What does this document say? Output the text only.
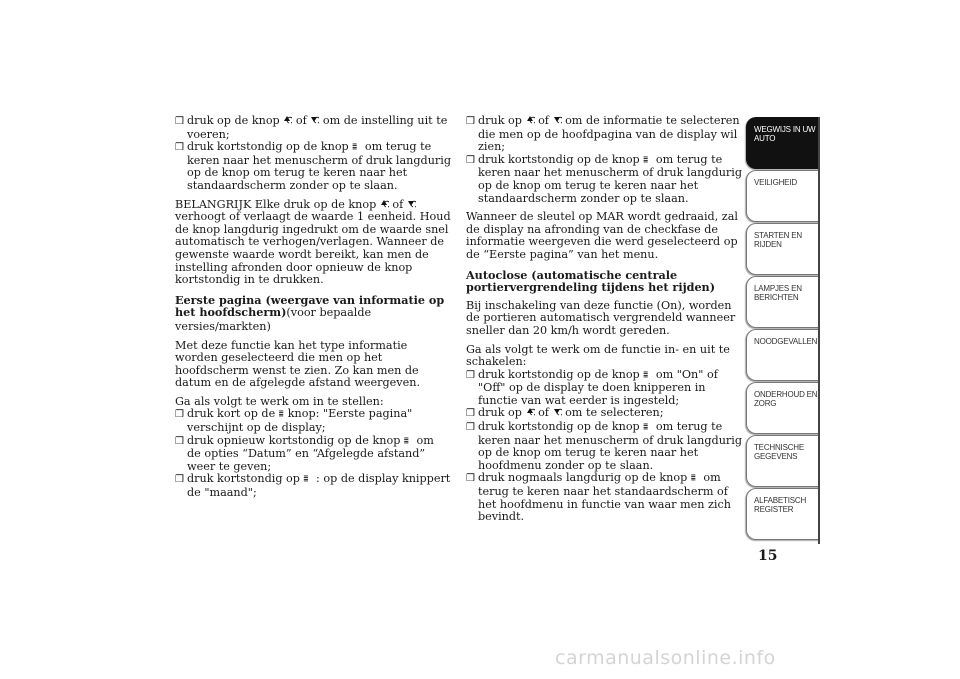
❒ druk op de knop  of  om de instelling uit te voeren;

❒ druk kortstondig op de knop ≣ om terug te keren naar het menuscherm of druk langdurig op de knop om terug te keren naar het standaardscherm zonder op te slaan.

BELANGRIJK Elke druk op de knop  of  verhoogt of verlaagt de waarde 1 eenheid. Houd de knop langdurig ingedrukt om de waarde snel automatisch te verhogen/verlagen. Wanneer de gewenste waarde wordt bereikt, kan men de instelling afronden door opnieuw de knop kortstondig in te drukken.

Eerste pagina (weergave van informatie op het hoofdscherm)(voor bepaalde versies/markten)

Met deze functie kan het type informatie worden geselecteerd die men op het hoofdscherm wenst te zien. Zo kan men de datum en de afgelegde afstand weergeven.

Ga als volgt te werk om in te stellen:

❒ druk kort op de ≣ knop: "Eerste pagina" verschijnt op de display;

❒ druk opnieuw kortstondig op de knop ≣ om de opties “Datum” en “Afgelegde afstand” weer te geven;

❒ druk kortstondig op ≣ : op de display knippert de "maand";

❒ druk op  of  om de informatie te selecteren die men op de hoofdpagina van de display wil zien;

❒ druk kortstondig op de knop ≣ om terug te keren naar het menuscherm of druk langdurig op de knop om terug te keren naar het standaardscherm zonder op te slaan.

Wanneer de sleutel op MAR wordt gedraaid, zal de display na afronding van de checkfase de informatie weergeven die werd geselecteerd op de “Eerste pagina” van het menu.

Autoclose (automatische centrale portiervergrendeling tijdens het rijden)

Bij inschakeling van deze functie (On), worden de portieren automatisch vergrendeld wanneer sneller dan 20 km/h wordt gereden.

Ga als volgt te werk om de functie in- en uit te schakelen:

❒ druk kortstondig op de knop ≣ om "On" of "Off" op de display te doen knipperen in functie van wat eerder is ingesteld;

❒ druk op  of  om te selecteren;

❒ druk kortstondig op de knop ≣ om terug te keren naar het menuscherm of druk langdurig op de knop om terug te keren naar het hoofdmenu zonder op te slaan.

❒ druk nogmaals langdurig op de knop ≣ om terug te keren naar het standaardscherm of het hoofdmenu in functie van waar men zich bevindt.

WEGWIJS IN UW AUTO
VEILIGHEID
STARTEN EN RIJDEN
LAMPJES EN BERICHTEN
NOODGEVALLEN
ONDERHOUD EN ZORG
TECHNISCHE GEGEVENS
ALFABETISCH REGISTER
15
carmanualsonline.info
